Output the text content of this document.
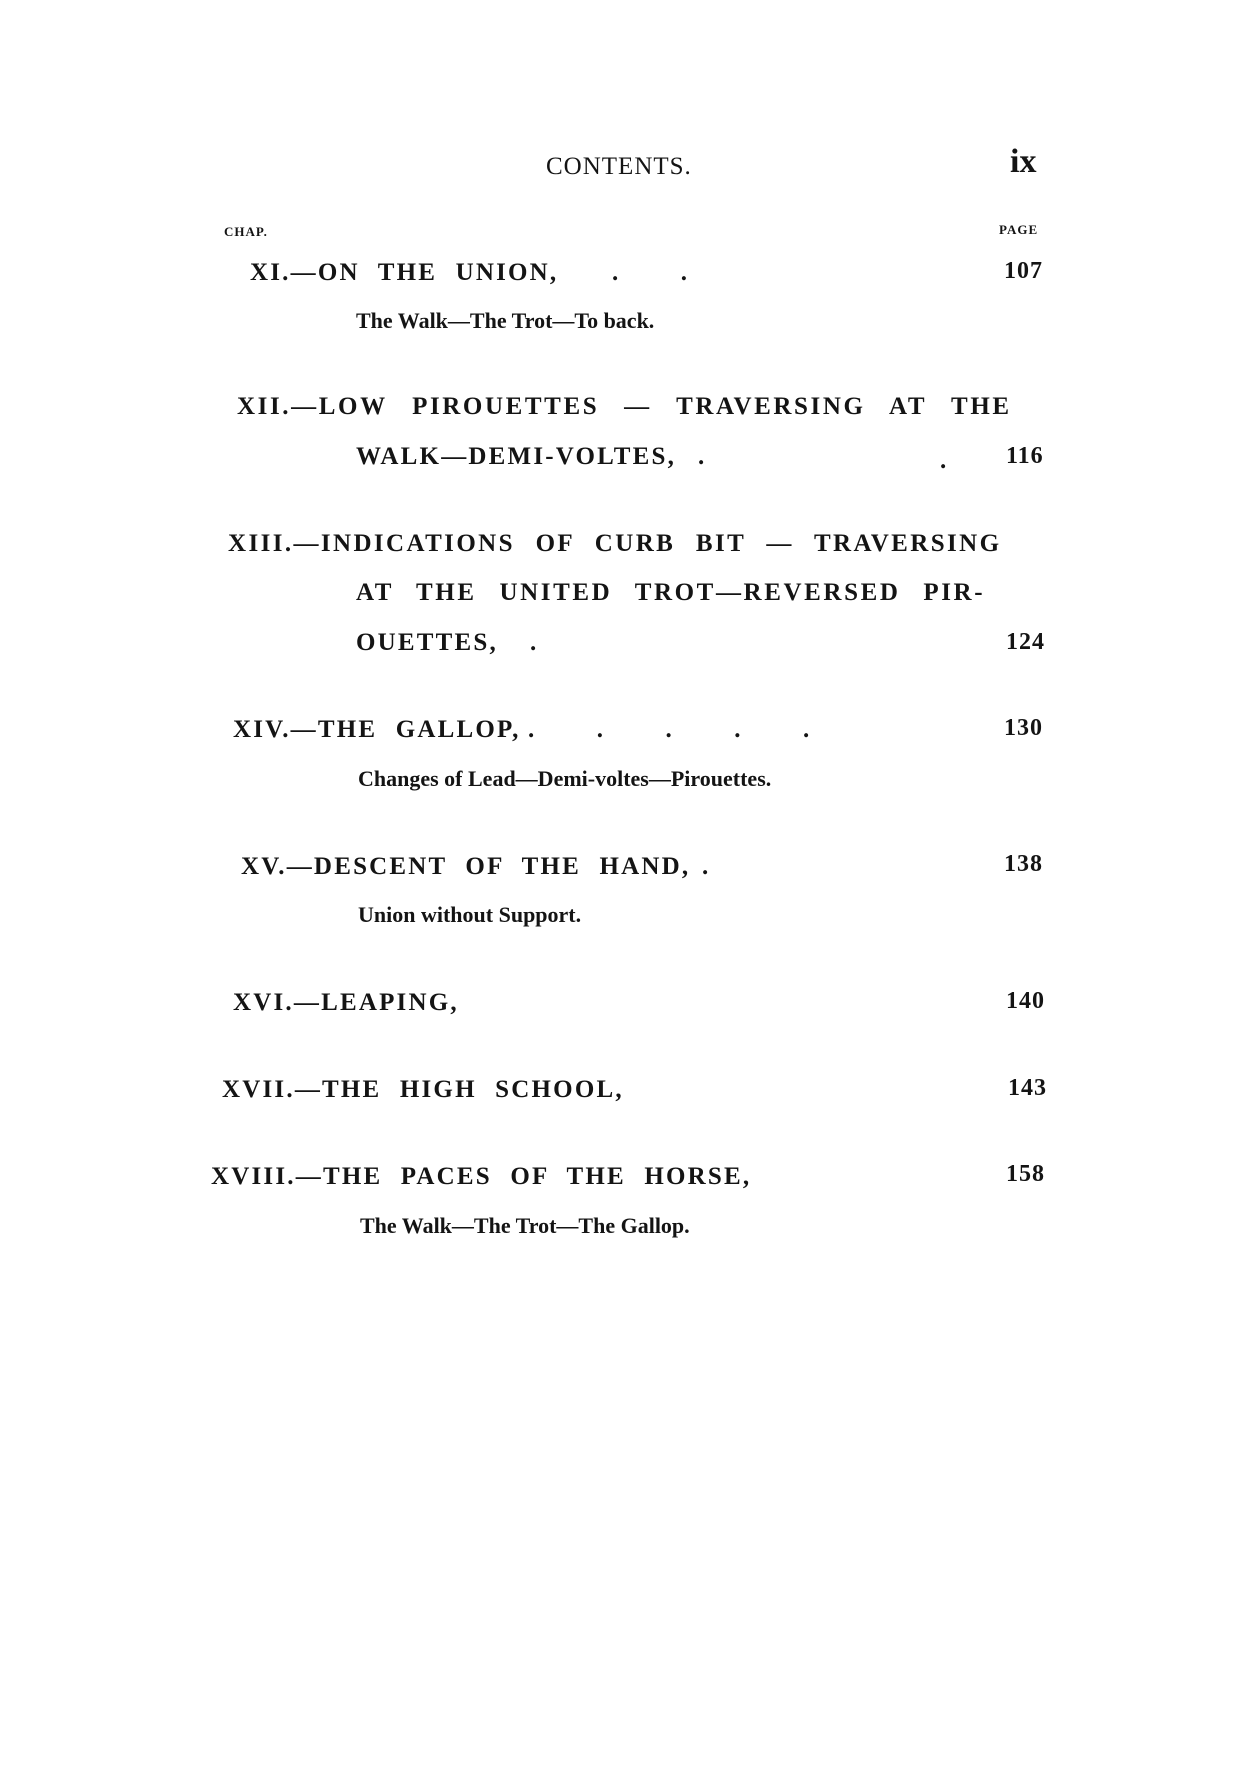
CONTENTS.	ix
CHAP.	PAGE
XI.—ON THE UNION, .          .	107
The Walk—The Trot—To back.
XII.—LOW PIROUETTES — TRAVERSING AT THE
WALK—DEMI-VOLTES, .	. 116
XIII.—INDICATIONS OF CURB BIT — TRAVERSING
AT THE UNITED TROT—REVERSED PIR-
OUETTES, .	124
XIV.—THE GALLOP, .          .          .          .          .	130
Changes of Lead—Demi-voltes—Pirouettes.
XV.—DESCENT OF THE HAND, .	138
Union without Support.
XVI.—LEAPING,	140
XVII.—THE HIGH SCHOOL,	143
XVIII.—THE PACES OF THE HORSE,	158
The Walk—The Trot—The Gallop.
